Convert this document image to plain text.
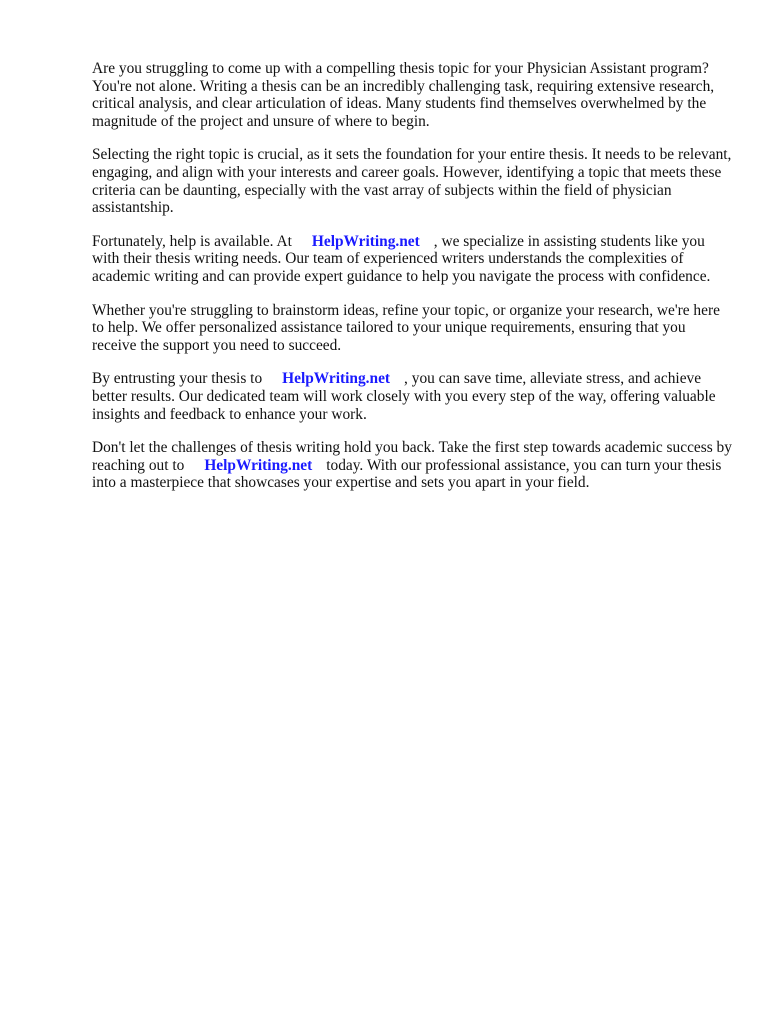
Are you struggling to come up with a compelling thesis topic for your Physician Assistant program? You're not alone. Writing a thesis can be an incredibly challenging task, requiring extensive research, critical analysis, and clear articulation of ideas. Many students find themselves overwhelmed by the magnitude of the project and unsure of where to begin.

Selecting the right topic is crucial, as it sets the foundation for your entire thesis. It needs to be relevant, engaging, and align with your interests and career goals. However, identifying a topic that meets these criteria can be daunting, especially with the vast array of subjects within the field of physician assistantship.

Fortunately, help is available. At HelpWriting.net , we specialize in assisting students like you with their thesis writing needs. Our team of experienced writers understands the complexities of academic writing and can provide expert guidance to help you navigate the process with confidence.

Whether you're struggling to brainstorm ideas, refine your topic, or organize your research, we're here to help. We offer personalized assistance tailored to your unique requirements, ensuring that you receive the support you need to succeed.

By entrusting your thesis to HelpWriting.net , you can save time, alleviate stress, and achieve better results. Our dedicated team will work closely with you every step of the way, offering valuable insights and feedback to enhance your work.

Don't let the challenges of thesis writing hold you back. Take the first step towards academic success by reaching out to HelpWriting.net today. With our professional assistance, you can turn your thesis into a masterpiece that showcases your expertise and sets you apart in your field.
